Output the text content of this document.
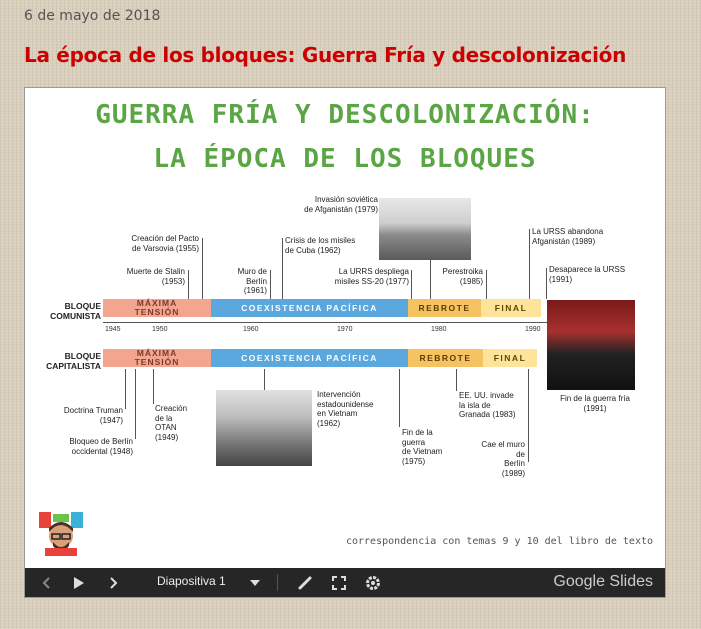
6 de mayo de 2018
La época de los bloques: Guerra Fría y descolonización
GUERRA FRÍA Y DESCOLONIZACIÓN:
LA ÉPOCA DE LOS BLOQUES
BLOQUE
COMUNISTA
BLOQUE
CAPITALISTA
MÁXIMA
TENSIÓN	COEXISTENCIA PACÍFICA	REBROTE	FINAL
1945	1950	1960	1970	1980	1990
MÁXIMA
TENSIÓN	COEXISTENCIA PACÍFICA	REBROTE	FINAL
Invasión soviética
de Afganistán (1979)
Creación del Pacto
de Varsovia (1955)
Muerte de Stalin
(1953)
Muro de
Berlín (1961)
Crisis de los misiles
de Cuba (1962)
La URRS despliega
misiles SS-20 (1977)
Perestroika
(1985)
La URSS abandona
Afganistán (1989)
Desaparece la URSS
(1991)
Doctrina Truman
(1947)
Bloqueo de Berlín
occidental (1948)
Creación
de la
OTAN
(1949)
Intervención
estadounidense
en Vietnam
(1962)
Fin de la
guerra
de Vietnam
(1975)
EE. UU. invade
la isla de
Granada (1983)
Cae el muro
de
Berlín
(1989)
Fin de la guerra fría
(1991)
correspondencia con temas 9 y 10 del libro de texto
Diapositiva 1	Google Slides
